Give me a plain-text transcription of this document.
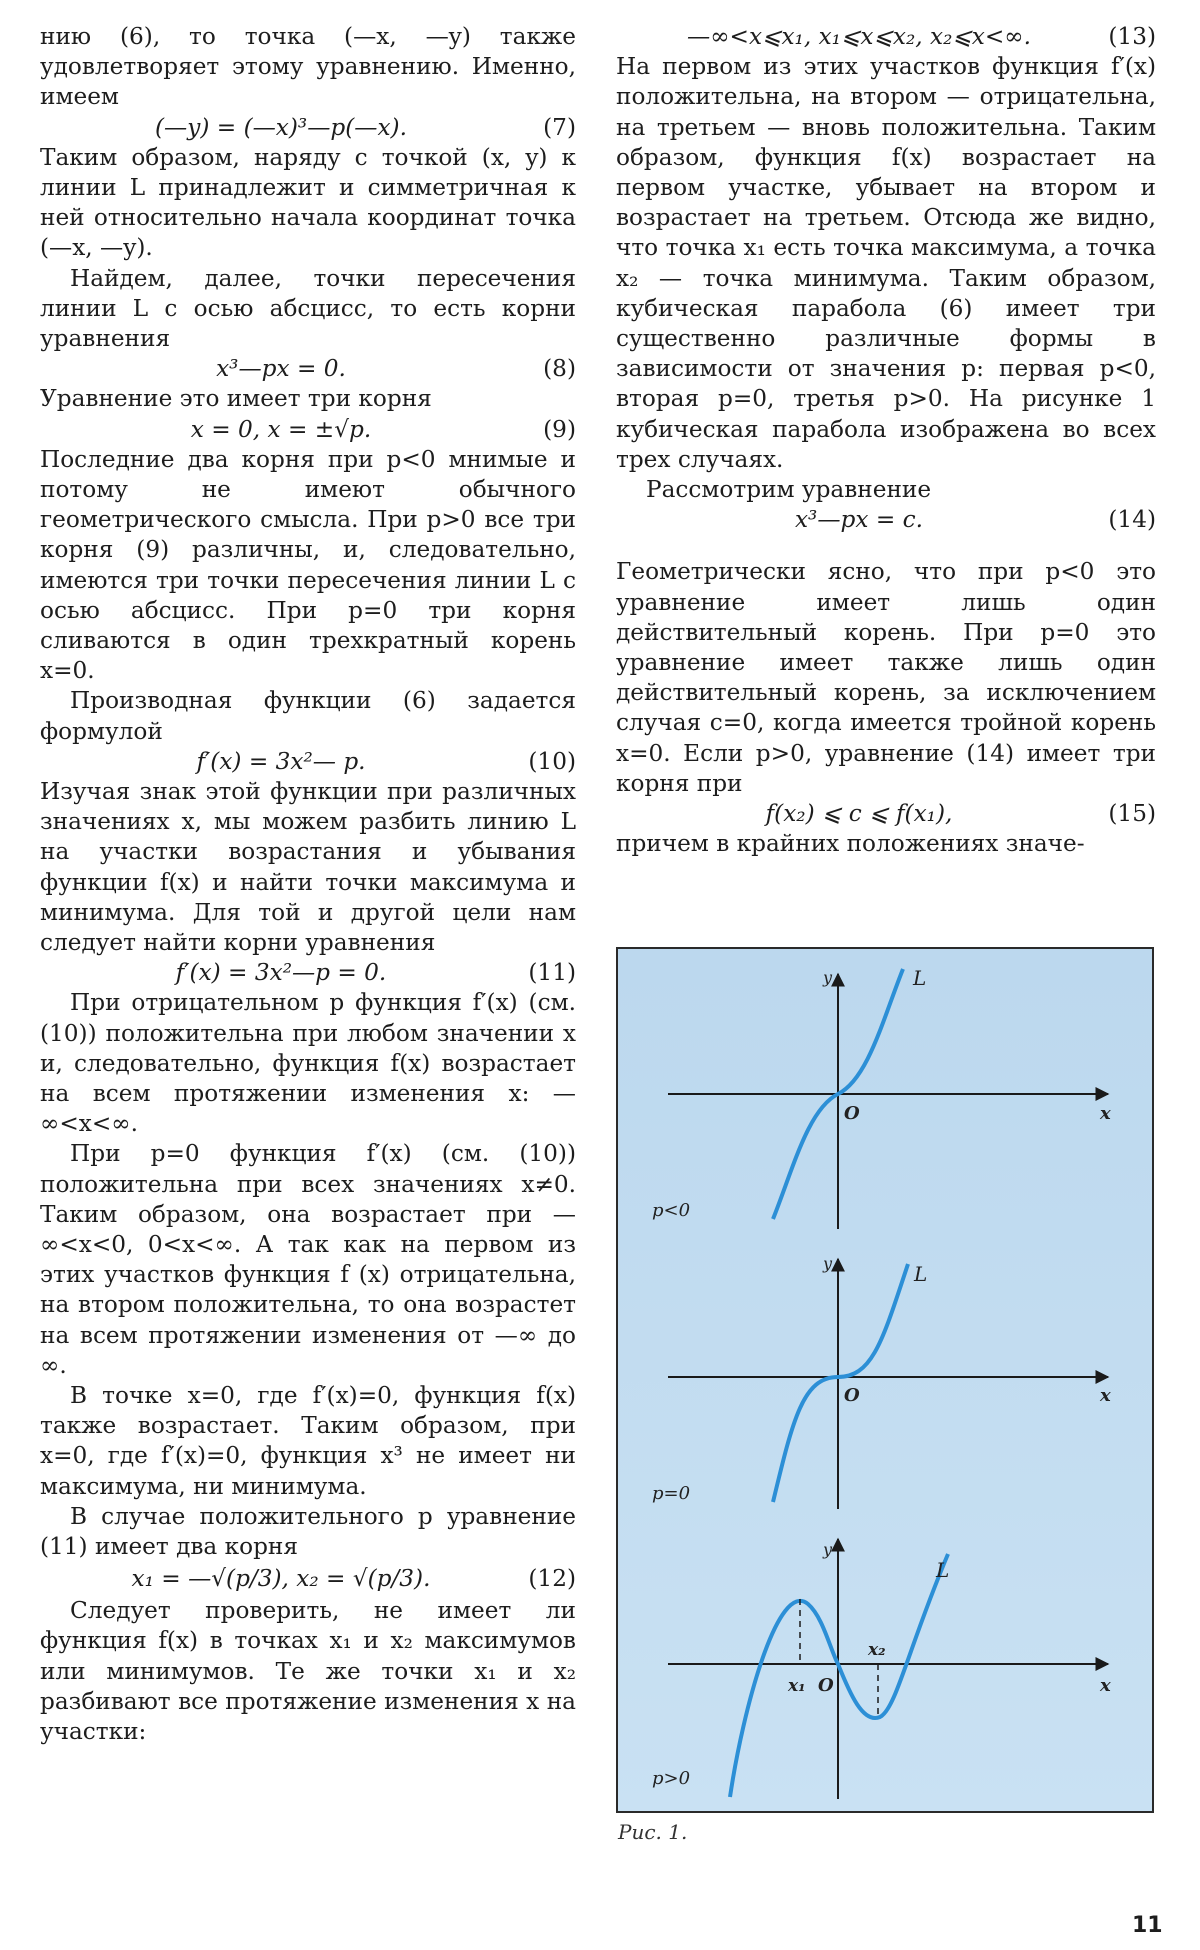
нию (6), то точка (—x, —y) также удовлетворяет этому уравнению. Именно, имеем

(—y) = (—x)³—p(—x).	(7)

Таким образом, наряду с точкой (x, y) к линии L принадлежит и симметричная к ней относительно начала координат точка (—x, —y).

Найдем, далее, точки пересечения линии L с осью абсцисс, то есть корни уравнения

x³—px = 0.	(8)

Уравнение это имеет три корня

x = 0, x = ±√p.	(9)

Последние два корня при p<0 мнимые и потому не имеют обычного геометрического смысла. При p>0 все три корня (9) различны, и, следовательно, имеются три точки пересечения линии L с осью абсцисс. При p=0 три корня сливаются в один трехкратный корень x=0.

Производная функции (6) задается формулой

f′(x) = 3x²— p.	(10)

Изучая знак этой функции при различных значениях x, мы можем разбить линию L на участки возрастания и убывания функции f(x) и найти точки максимума и минимума. Для той и другой цели нам следует найти корни уравнения

f′(x) = 3x²—p = 0.	(11)

При отрицательном p функция f′(x) (см. (10)) положительна при любом значении x и, следовательно, функция f(x) возрастает на всем протяжении изменения x: —∞<x<∞.

При p=0 функция f′(x) (см. (10)) положительна при всех значениях x≠0. Таким образом, она возрастает при —∞<x<0, 0<x<∞. А так как на первом из этих участков функция f (x) отрицательна, на втором положительна, то она возрастет на всем протяжении изменения от —∞ до ∞.

В точке x=0, где f′(x)=0, функция f(x) также возрастает. Таким образом, при x=0, где f′(x)=0, функция x³ не имеет ни максимума, ни минимума.

В случае положительного p уравнение (11) имеет два корня

x₁ = —√(p/3), x₂ = √(p/3).	(12)

Следует проверить, не имеет ли функция f(x) в точках x₁ и x₂ максимумов или минимумов. Те же точки x₁ и x₂ разбивают все протяжение изменения x на участки:

—∞<x⩽x₁, x₁⩽x⩽x₂, x₂⩽x<∞.	(13)

На первом из этих участков функция f′(x) положительна, на втором — отрицательна, на третьем — вновь положительна. Таким образом, функция f(x) возрастает на первом участке, убывает на втором и возрастает на третьем. Отсюда же видно, что точка x₁ есть точка максимума, а точка x₂ — точка минимума. Таким образом, кубическая парабола (6) имеет три существенно различные формы в зависимости от значения p: первая p<0, вторая p=0, третья p>0. На рисунке 1 кубическая парабола изображена во всех трех случаях.

Рассмотрим уравнение

x³—px = c.	(14)

Геометрически ясно, что при p<0 это уравнение имеет лишь один действительный корень. При p=0 это уравнение имеет также лишь один действительный корень, за исключением случая c=0, когда имеется тройной корень x=0. Если p>0, уравнение (14) имеет три корня при

f(x₂) ⩽ c ⩽ f(x₁),	(15)

причем в крайних положениях значе-

y	L
O	x
p<0
y	L
O	x
p=0
y
L
O	x
x₁
x₂
p>0
Рис. 1.
11
